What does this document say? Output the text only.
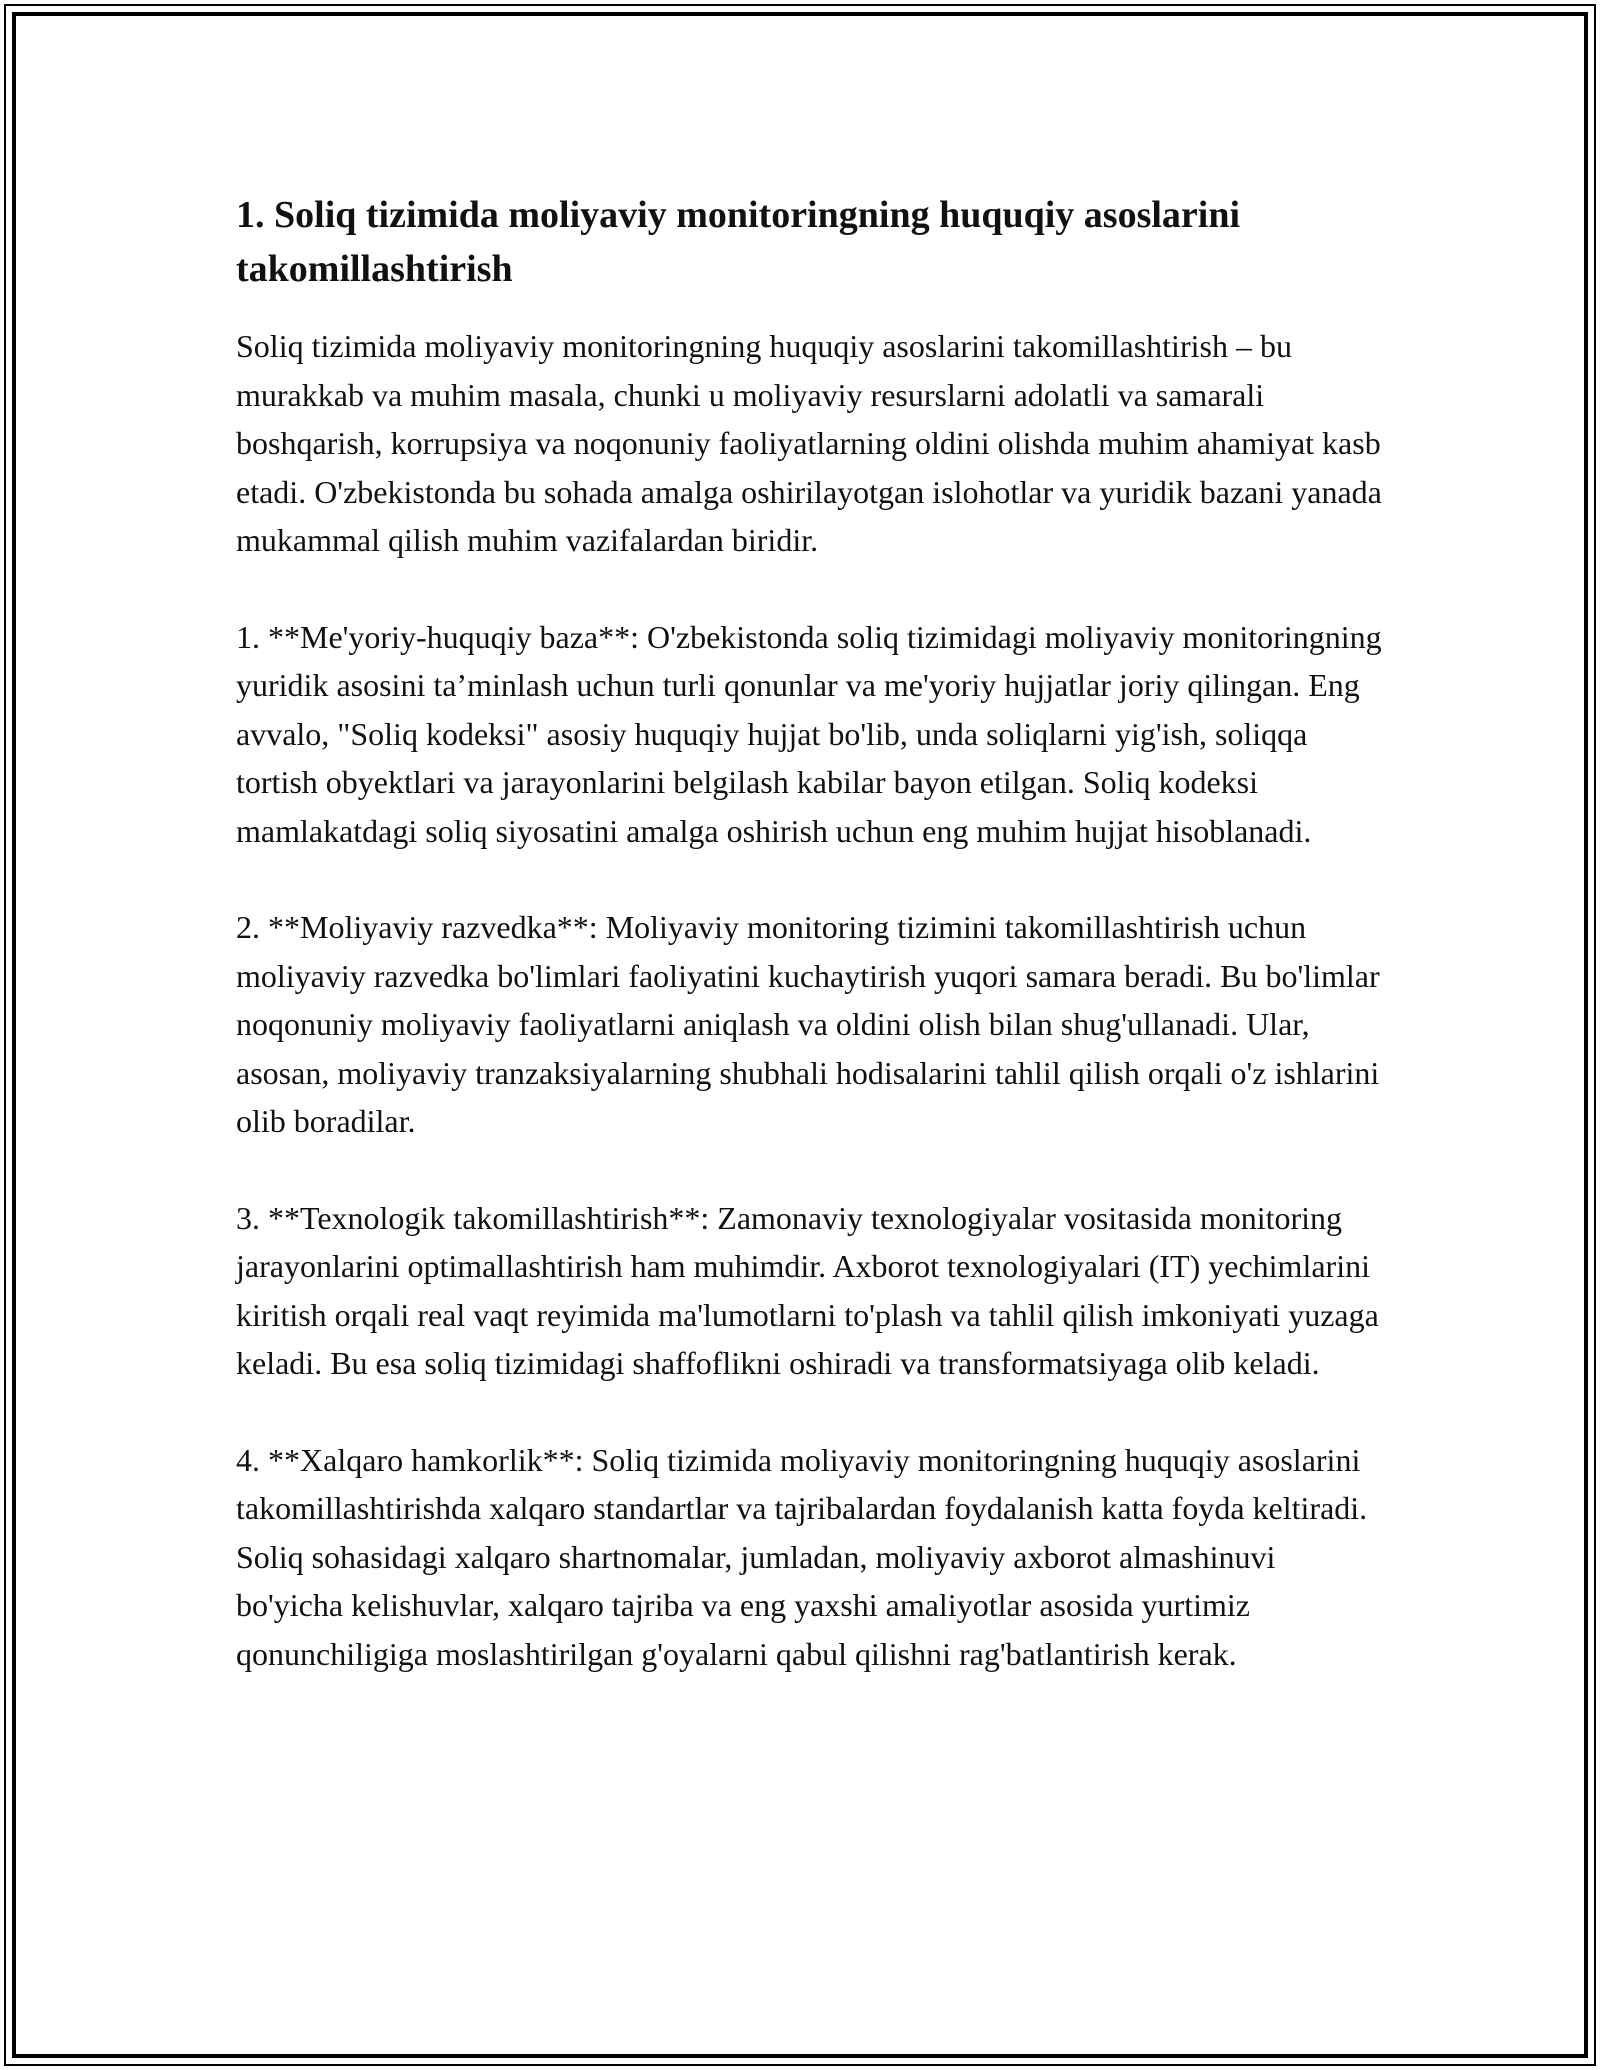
1. Soliq tizimida moliyaviy monitoringning huquqiy asoslarini takomillashtirish

Soliq tizimida moliyaviy monitoringning huquqiy asoslarini takomillashtirish – bu murakkab va muhim masala, chunki u moliyaviy resurslarni adolatli va samarali boshqarish, korrupsiya va noqonuniy faoliyatlarning oldini olishda muhim ahamiyat kasb etadi. O'zbekistonda bu sohada amalga oshirilayotgan islohotlar va yuridik bazani yanada mukammal qilish muhim vazifalardan biridir.

1. **Me'yoriy-huquqiy baza**: O'zbekistonda soliq tizimidagi moliyaviy monitoringning yuridik asosini ta’minlash uchun turli qonunlar va me'yoriy hujjatlar joriy qilingan. Eng avvalo, "Soliq kodeksi" asosiy huquqiy hujjat bo'lib, unda soliqlarni yig'ish, soliqqa tortish obyektlari va jarayonlarini belgilash kabilar bayon etilgan. Soliq kodeksi mamlakatdagi soliq siyosatini amalga oshirish uchun eng muhim hujjat hisoblanadi.

2. **Moliyaviy razvedka**: Moliyaviy monitoring tizimini takomillashtirish uchun moliyaviy razvedka bo'limlari faoliyatini kuchaytirish yuqori samara beradi. Bu bo'limlar noqonuniy moliyaviy faoliyatlarni aniqlash va oldini olish bilan shug'ullanadi. Ular, asosan, moliyaviy tranzaksiyalarning shubhali hodisalarini tahlil qilish orqali o'z ishlarini olib boradilar.

3. **Texnologik takomillashtirish**: Zamonaviy texnologiyalar vositasida monitoring jarayonlarini optimallashtirish ham muhimdir. Axborot texnologiyalari (IT) yechimlarini kiritish orqali real vaqt reyimida ma'lumotlarni to'plash va tahlil qilish imkoniyati yuzaga keladi. Bu esa soliq tizimidagi shaffoflikni oshiradi va transformatsiyaga olib keladi.

4. **Xalqaro hamkorlik**: Soliq tizimida moliyaviy monitoringning huquqiy asoslarini takomillashtirishda xalqaro standartlar va tajribalardan foydalanish katta foyda keltiradi. Soliq sohasidagi xalqaro shartnomalar, jumladan, moliyaviy axborot almashinuvi bo'yicha kelishuvlar, xalqaro tajriba va eng yaxshi amaliyotlar asosida yurtimiz qonunchiligiga moslashtirilgan g'oyalarni qabul qilishni rag'batlantirish kerak.
